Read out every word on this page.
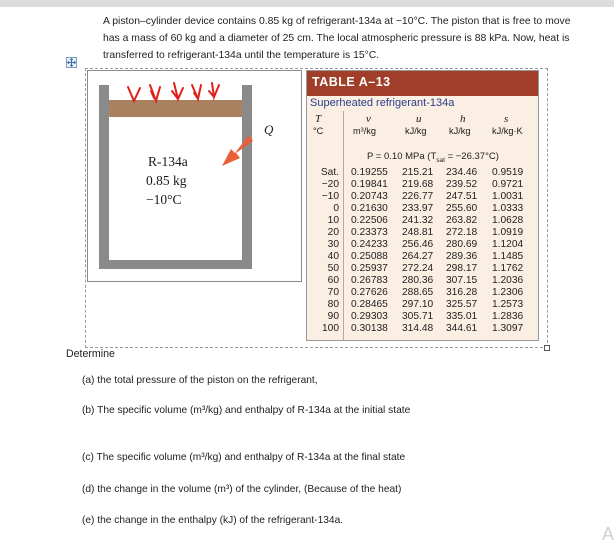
A piston–cylinder device contains 0.85 kg of refrigerant-134a at −10°C. The piston that is free to move has a mass of 60 kg and a diameter of 25 cm. The local atmospheric pressure is 88 kPa. Now, heat is transferred to refrigerant-134a until the temperature is 15°C.
R-134a
0.85 kg
−10°C
Q
TABLE A–13
Superheated refrigerant-134a
T	v	u	h	s
°C	m³/kg	kJ/kg kJ/kg kJ/kg·K
P = 0.10 MPa $(T_{sat} = -26.37^\circ C)$
Sat. 0.19255 215.21 234.46 0.9519
−20 0.19841 219.68 239.52 0.9721
−10 0.20743 226.77 247.51 1.0031
0 0.21630 233.97 255.60 1.0333
10 0.22506 241.32 263.82 1.0628
20 0.23373 248.81 272.18 1.0919
30 0.24233 256.46 280.69 1.1204
40 0.25088 264.27 289.36 1.1485
50 0.25937 272.24 298.17 1.1762
60 0.26783 280.36 307.15 1.2036
70 0.27626 288.65 316.28 1.2306
80 0.28465 297.10 325.57 1.2573
90 0.29303 305.71 335.01 1.2836
100 0.30138 314.48 344.61 1.3097
Determine
(a) the total pressure of the piston on the refrigerant,
(b) The specific volume (m³/kg) and enthalpy of R-134a at the initial state
(c) The specific volume (m³/kg) and enthalpy of R-134a at the final state
(d) the change in the volume (m³) of the cylinder, (Because of the heat)
(e) the change in the enthalpy (kJ) of the refrigerant-134a.
A
